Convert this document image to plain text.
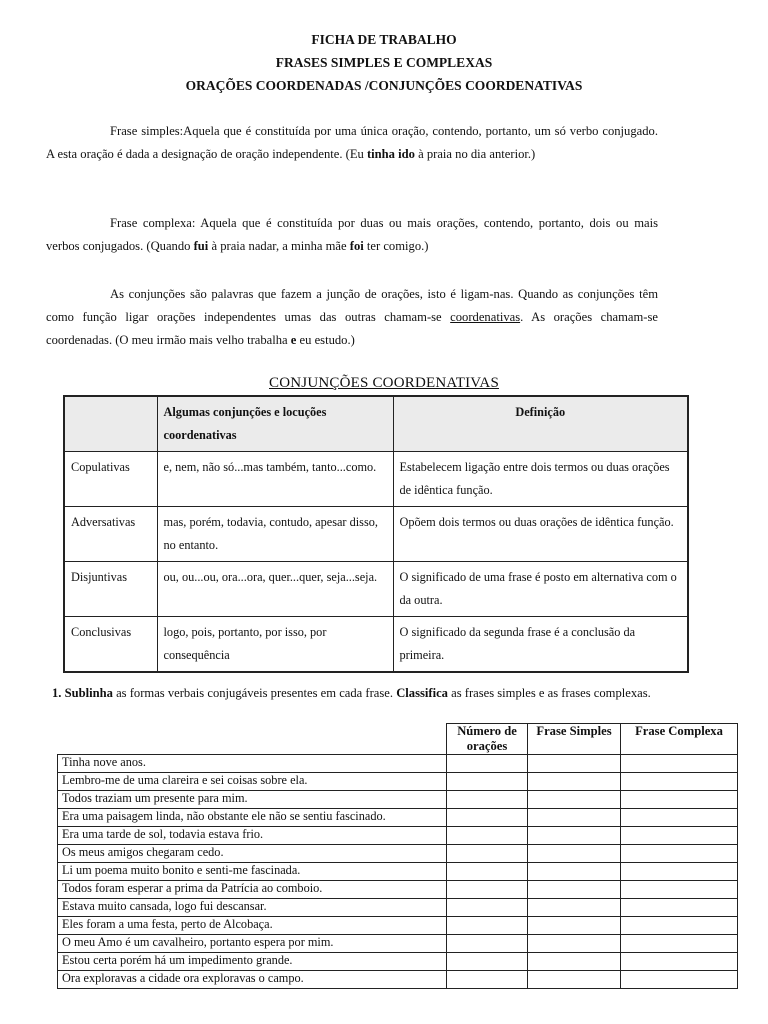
FICHA DE TRABALHO
FRASES SIMPLES E COMPLEXAS
ORAÇÕES COORDENADAS /CONJUNÇÕES COORDENATIVAS
Frase simples:Aquela que é constituída por uma única oração, contendo, portanto, um só verbo conjugado. A esta oração é dada a designação de oração independente. (Eu tinha ido à praia no dia anterior.)
Frase complexa: Aquela que é constituída por duas ou mais orações, contendo, portanto, dois ou mais verbos conjugados. (Quando fui à praia nadar, a minha mãe foi ter comigo.)
As conjunções são palavras que fazem a junção de orações, isto é ligam-nas. Quando as conjunções têm como função ligar orações independentes umas das outras chamam-se coordenativas. As orações chamam-se coordenadas. (O meu irmão mais velho trabalha e eu estudo.)
CONJUNÇÕES COORDENATIVAS
	Algumas conjunções e locuções coordenativas	Definição
Copulativas	e, nem, não só...mas também, tanto...como.	Estabelecem ligação entre dois termos ou duas orações de idêntica função.
Adversativas	mas, porém, todavia, contudo, apesar disso, no entanto.	Opõem dois termos ou duas orações de idêntica função.
Disjuntivas	ou, ou...ou, ora...ora, quer...quer, seja...seja.	O significado de uma frase é posto em alternativa com o da outra.
Conclusivas	logo, pois, portanto, por isso, por consequência	O significado da segunda frase é a conclusão da primeira.
1. Sublinha as formas verbais conjugáveis presentes em cada frase. Classifica as frases simples e as frases complexas.
	Número de orações	Frase Simples	Frase Complexa
Tinha nove anos.			
Lembro-me de uma clareira e sei coisas sobre ela.			
Todos traziam um presente para mim.			
Era uma paisagem linda, não obstante ele não se sentiu fascinado.			
Era uma tarde de sol, todavia estava frio.			
Os meus amigos chegaram cedo.			
Li um poema muito bonito e senti-me fascinada.			
Todos foram esperar a prima da Patrícia ao comboio.			
Estava muito cansada, logo fui descansar.			
Eles foram a uma festa, perto de Alcobaça.			
O meu Amo é um cavalheiro, portanto espera por mim.			
Estou certa porém há um impedimento grande.			
Ora exploravas a cidade ora exploravas o campo.			
